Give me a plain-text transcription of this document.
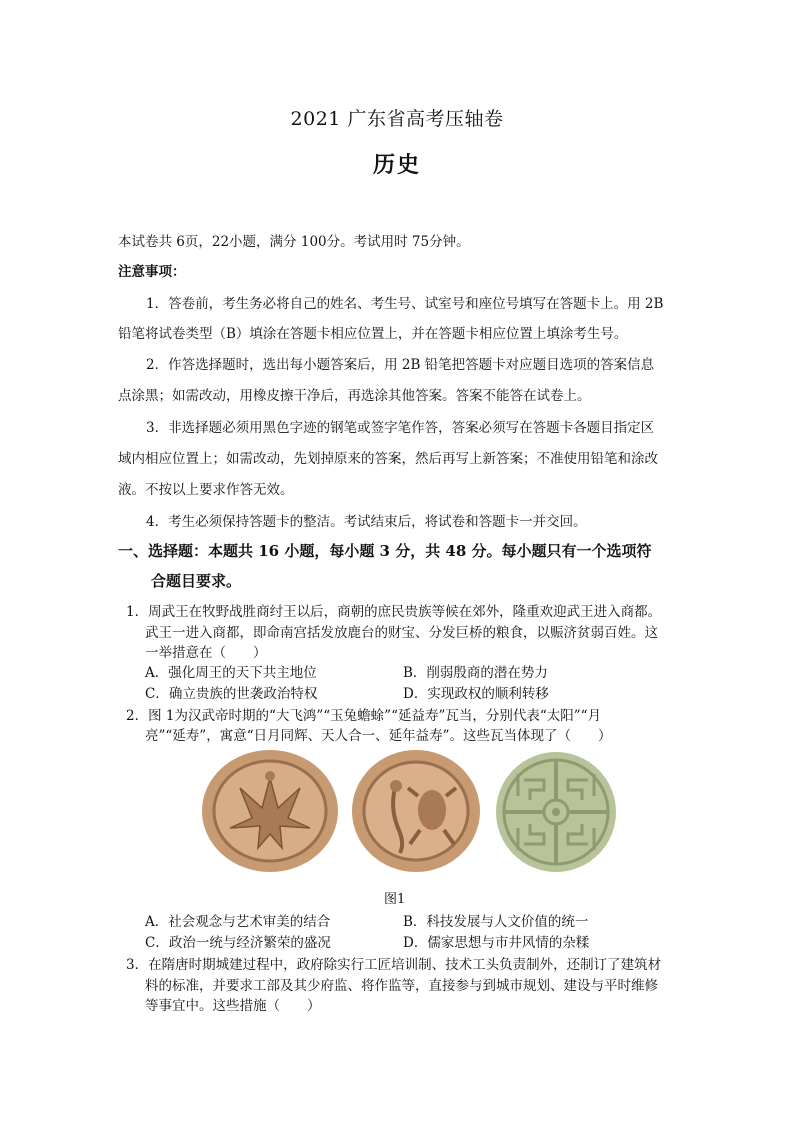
2021 广东省高考压轴卷
历史
本试卷共 6页，22小题，满分 100分。考试用时 75分钟。
注意事项：
1．答卷前，考生务必将自己的姓名、考生号、试室号和座位号填写在答题卡上。用 2B
铅笔将试卷类型（B）填涂在答题卡相应位置上，并在答题卡相应位置上填涂考生号。
2．作答选择题时，选出每小题答案后，用 2B 铅笔把答题卡对应题目选项的答案信息
点涂黑；如需改动，用橡皮擦干净后，再选涂其他答案。答案不能答在试卷上。
3．非选择题必须用黑色字迹的钢笔或签字笔作答，答案必须写在答题卡各题目指定区
域内相应位置上；如需改动，先划掉原来的答案，然后再写上新答案；不准使用铅笔和涂改
液。不按以上要求作答无效。
4．考生必须保持答题卡的整洁。考试结束后，将试卷和答题卡一并交回。
一、选择题：本题共 16 小题，每小题 3 分，共 48 分。每小题只有一个选项符
合题目要求。
1．周武王在牧野战胜商纣王以后，商朝的庶民贵族等候在郊外，隆重欢迎武王进入商都。
武王一进入商都，即命南宫括发放鹿台的财宝、分发巨桥的粮食，以赈济贫弱百姓。这
一举措意在（　　）
A．强化周王的天下共主地位	B．削弱殷商的潜在势力
C．确立贵族的世袭政治特权	D．实现政权的顺利转移
2．图 1为汉武帝时期的“大飞鸿”“玉兔蟾蜍”“延益寿”瓦当，分别代表“太阳”“月
亮”“延寿”，寓意“日月同辉、天人合一、延年益寿”。这些瓦当体现了（　　）
图1
A．社会观念与艺术审美的结合	B．科技发展与人文价值的统一
C．政治一统与经济繁荣的盛况	D．儒家思想与市井风情的杂糅
3．在隋唐时期城建过程中，政府除实行工匠培训制、技术工头负责制外，还制订了建筑材
料的标准，并要求工部及其少府监、将作监等，直接参与到城市规划、建设与平时维修
等事宜中。这些措施（　　）
